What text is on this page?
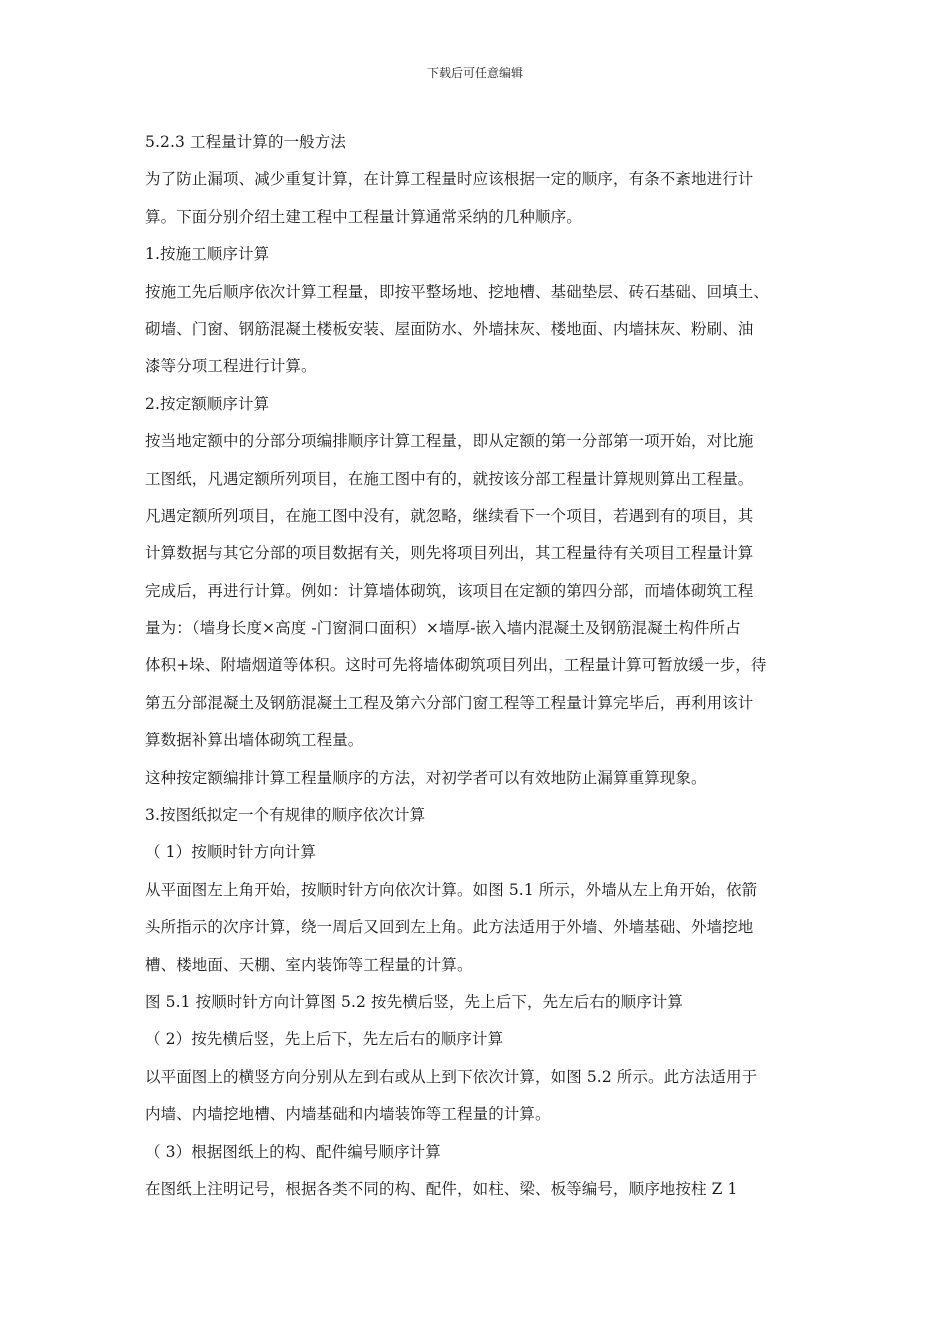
下载后可任意编辑
5.2.3 工程量计算的一般方法
为了防止漏项、减少重复计算，在计算工程量时应该根据一定的顺序，有条不紊地进行计
算。下面分别介绍土建工程中工程量计算通常采纳的几种顺序。
1.按施工顺序计算
按施工先后顺序依次计算工程量，即按平整场地、挖地槽、基础垫层、砖石基础、回填土、
砌墙、门窗、钢筋混凝土楼板安装、屋面防水、外墙抹灰、楼地面、内墙抹灰、粉刷、油
漆等分项工程进行计算。
2.按定额顺序计算
按当地定额中的分部分项编排顺序计算工程量，即从定额的第一分部第一项开始，对比施
工图纸，凡遇定额所列项目，在施工图中有的，就按该分部工程量计算规则算出工程量。
凡遇定额所列项目，在施工图中没有，就忽略，继续看下一个项目，若遇到有的项目，其
计算数据与其它分部的项目数据有关，则先将项目列出，其工程量待有关项目工程量计算
完成后，再进行计算。例如：计算墙体砌筑，该项目在定额的第四分部，而墙体砌筑工程
量为：（墙身长度×高度 -门窗洞口面积）×墙厚-嵌入墙内混凝土及钢筋混凝土构件所占
体积+垛、附墙烟道等体积。这时可先将墙体砌筑项目列出，工程量计算可暂放缓一步，待
第五分部混凝土及钢筋混凝土工程及第六分部门窗工程等工程量计算完毕后，再利用该计
算数据补算出墙体砌筑工程量。
这种按定额编排计算工程量顺序的方法，对初学者可以有效地防止漏算重算现象。
3.按图纸拟定一个有规律的顺序依次计算
（ 1）按顺时针方向计算
从平面图左上角开始，按顺时针方向依次计算。如图 5.1 所示，外墙从左上角开始，依箭
头所指示的次序计算，绕一周后又回到左上角。此方法适用于外墙、外墙基础、外墙挖地
槽、楼地面、天棚、室内装饰等工程量的计算。
图 5.1 按顺时针方向计算图 5.2 按先横后竖，先上后下，先左后右的顺序计算
（ 2）按先横后竖，先上后下，先左后右的顺序计算
以平面图上的横竖方向分别从左到右或从上到下依次计算，如图 5.2 所示。此方法适用于
内墙、内墙挖地槽、内墙基础和内墙装饰等工程量的计算。
（ 3）根据图纸上的构、配件编号顺序计算
在图纸上注明记号，根据各类不同的构、配件，如柱、梁、板等编号，顺序地按柱 Z 1
